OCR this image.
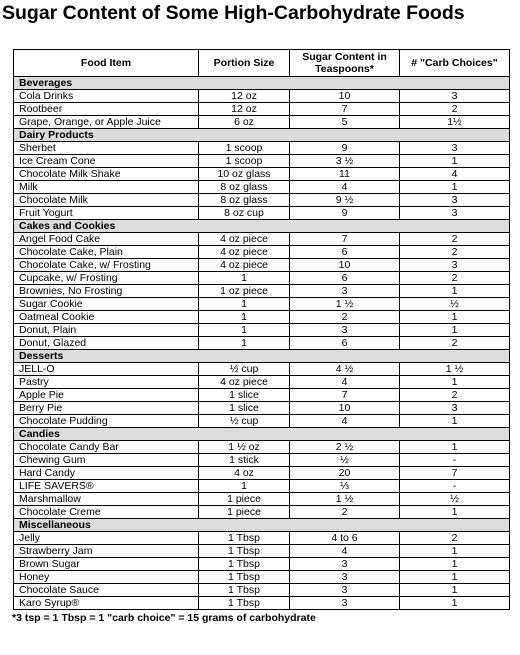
Sugar Content of Some High-Carbohydrate Foods
Food Item	Portion Size	Sugar Content in Teaspoons*	# "Carb Choices"
Beverages			
Cola Drinks	12 oz	10	3
Rootbeer	12 oz	7	2
Grape, Orange, or Apple Juice	6 oz	5	1½
Dairy Products			
Sherbet	1 scoop	9	3
Ice Cream Cone	1 scoop	3 ½	1
Chocolate Milk Shake	10 oz glass	11	4
Milk	8 oz glass	4	1
Chocolate Milk	8 oz glass	9 ½	3
Fruit Yogurt	8 oz cup	9	3
Cakes and Cookies			
Angel Food Cake	4 oz piece	7	2
Chocolate Cake, Plain	4 oz piece	6	2
Chocolate Cake, w/ Frosting	4 oz piece	10	3
Cupcake, w/ Frosting	1	6	2
Brownies, No Frosting	1 oz piece	3	1
Sugar Cookie	1	1 ½	½
Oatmeal Cookie	1	2	1
Donut, Plain	1	3	1
Donut, Glazed	1	6	2
Desserts			
JELL-O	½ cup	4 ½	1 ½
Pastry	4 oz piece	4	1
Apple Pie	1 slice	7	2
Berry Pie	1 slice	10	3
Chocolate Pudding	½ cup	4	1
Candies			
Chocolate Candy Bar	1 ½ oz	2 ½	1
Chewing Gum	1 stick	½	-
Hard Candy	4 oz	20	7
LIFE SAVERS®	1	⅓	-
Marshmallow	1 piece	1 ½	½
Chocolate Creme	1 piece	2	1
Miscellaneous			
Jelly	1 Tbsp	4 to 6	2
Strawberry Jam	1 Tbsp	4	1
Brown Sugar	1 Tbsp	3	1
Honey	1 Tbsp	3	1
Chocolate Sauce	1 Tbsp	3	1
Karo Syrup®	1 Tbsp	3	1
*3 tsp = 1 Tbsp = 1 "carb choice" = 15 grams of carbohydrate
